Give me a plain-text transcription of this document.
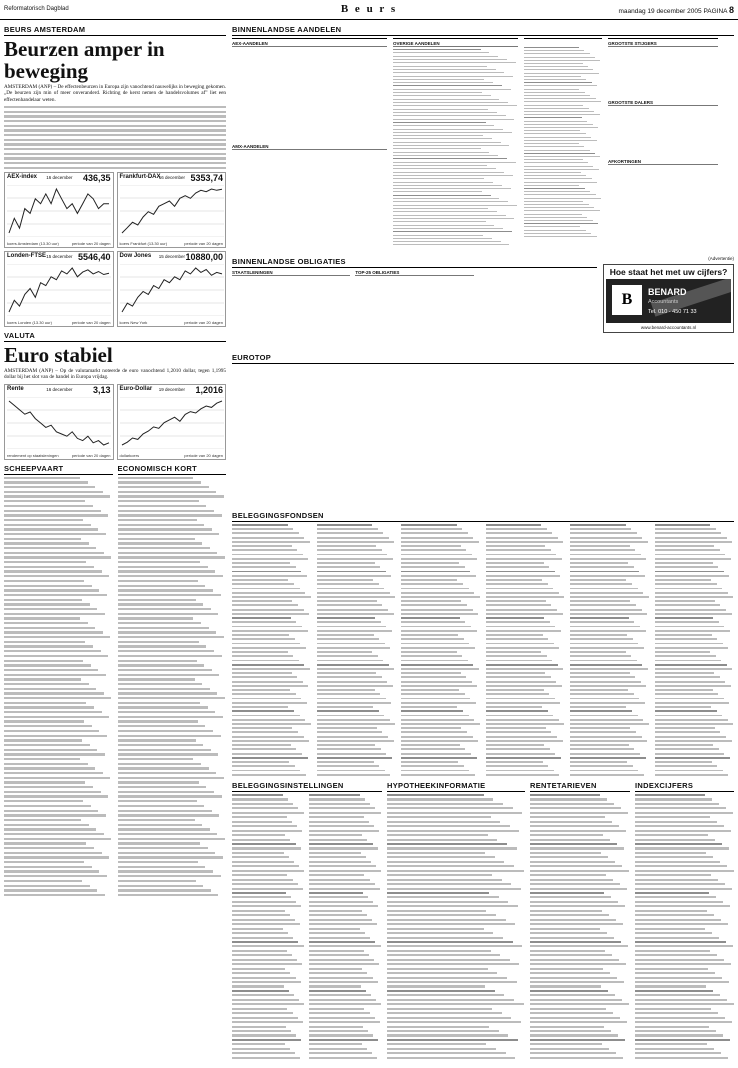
Reformatorisch Dagblad	B e u r s	maandag 19 december 2005 PAGINA 8
BEURS AMSTERDAM
Beurzen amper in beweging
AMSTERDAM (ANP) – De effectenbeurzen in Europa zijn vanochtend nauwelijks in beweging gekomen. „De beurzen zijn min of meer onveranderd. Richting de kerst nemen de handelsvolumes af” liet een effectenhandelaar weten.
AEX-index 16 december 436,35
koers Amsterdam (13.30 uur)	periode van 20 dagen
Frankfurt-DAX
16 december 5353,74
koers Frankfurt (13.30 uur)	periode van 20 dagen
Londen-FTSE 15 december 5546,40
koers Londen (13.30 uur)	periode van 20 dagen
Dow Jones 15 december 10880,00
koers New York	periode van 20 dagen
VALUTA
Euro stabiel
AMSTERDAM (ANP) – Op de valutamarkt noteerde de euro vanochtend 1,2010 dollar, tegen 1,1995 dollar bij het slot van de handel in Europa vrijdag.
Rente	16 december 3,13
rendement op staatsleningen	periode van 20 dagen
Euro-Dollar 19 december 1,2016
dollarkoers	periode van 20 dagen
SCHEEPVAART	ECONOMISCH KORT
BINNENLANDSE AANDELEN
AEX-AANDELEN
AMX-AANDELEN
OVERIGE AANDELEN	GROOTSTE STIJGERS
GROOTSTE DALERS
AFKORTINGEN
BINNENLANDSE OBLIGATIES
STAATSLENINGEN	TOP-25 OBLIGATIES
(Advertentie)
Hoe staat het met uw cijfers?
B	BENARD
Accountants
Tel. 010 - 450 71 33
www.benard-accountants.nl
EUROTOP
BELEGGINGSFONDSEN
BELEGGINGSINSTELLINGEN	HYPOTHEEKINFORMATIE	RENTETARIEVEN	INDEXCIJFERS
